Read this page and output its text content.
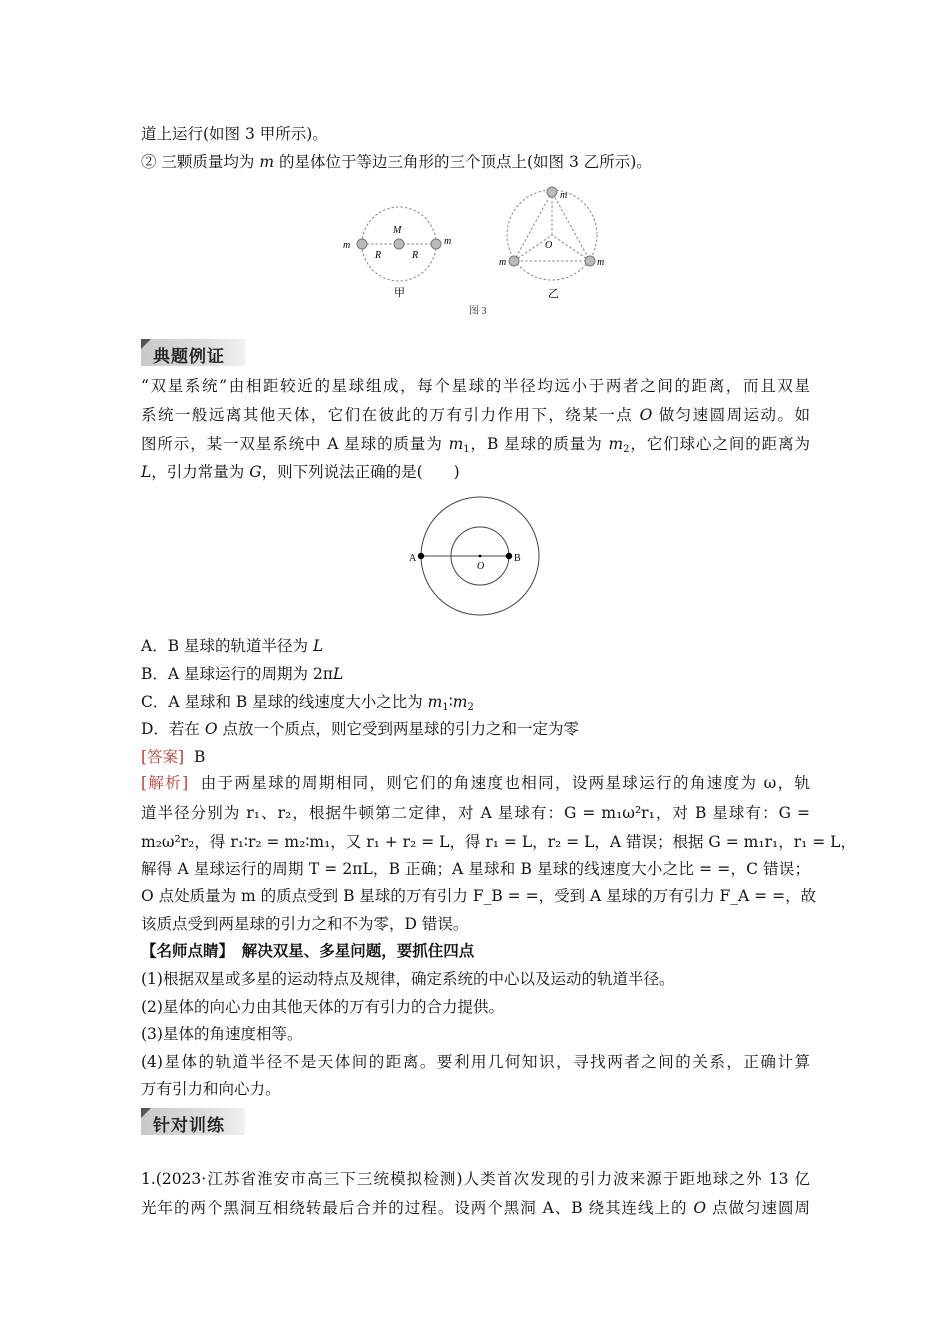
道上运行(如图 3 甲所示)。
② 三颗质量均为 m 的星体位于等边三角形的三个顶点上(如图 3 乙所示)。
m	m
M
R	R
甲
m
m	m
O
乙
图 3
典题例证
“双星系统”由相距较近的星球组成，每个星球的半径均远小于两者之间的距离，而且双星
系统一般远离其他天体，它们在彼此的万有引力作用下，绕某一点 O 做匀速圆周运动。如
图所示，某一双星系统中 A 星球的质量为 $m_1$，B 星球的质量为 $m_2$，它们球心之间的距离为
L，引力常量为 G，则下列说法正确的是(　　)
A	B
O
A．B 星球的轨道半径为 L
B．A 星球运行的周期为 2πL
C．A 星球和 B 星球的线速度大小之比为 $m_1∶m_2$
D．若在 O 点放一个质点，则它受到两星球的引力之和一定为零
[答案] B
[解析] 由于两星球的周期相同，则它们的角速度也相同，设两星球运行的角速度为 ω，轨
道半径分别为 r₁、r₂，根据牛顿第二定律，对 A 星球有：G = m₁ω²r₁，对 B 星球有：G =
m₂ω²r₂，得 r₁∶r₂ = m₂∶m₁，又 r₁ + r₂ = L，得 r₁ = L，r₂ = L，A 错误；根据 G = m₁r₁，r₁ = L，
解得 A 星球运行的周期 T = 2πL，B 正确；A 星球和 B 星球的线速度大小之比 = =，C 错误；
O 点处质量为 m 的质点受到 B 星球的万有引力 F_B = =，受到 A 星球的万有引力 F_A = =，故
该质点受到两星球的引力之和不为零，D 错误。
【名师点睛】　解决双星、多星问题，要抓住四点
(1)根据双星或多星的运动特点及规律，确定系统的中心以及运动的轨道半径。
(2)星体的向心力由其他天体的万有引力的合力提供。
(3)星体的角速度相等。
(4)星体的轨道半径不是天体间的距离。要利用几何知识，寻找两者之间的关系，正确计算
万有引力和向心力。
针对训练
1.(2023·江苏省淮安市高三下三统模拟检测)人类首次发现的引力波来源于距地球之外 13 亿
光年的两个黑洞互相绕转最后合并的过程。设两个黑洞 A、B 绕其连线上的 O 点做匀速圆周
